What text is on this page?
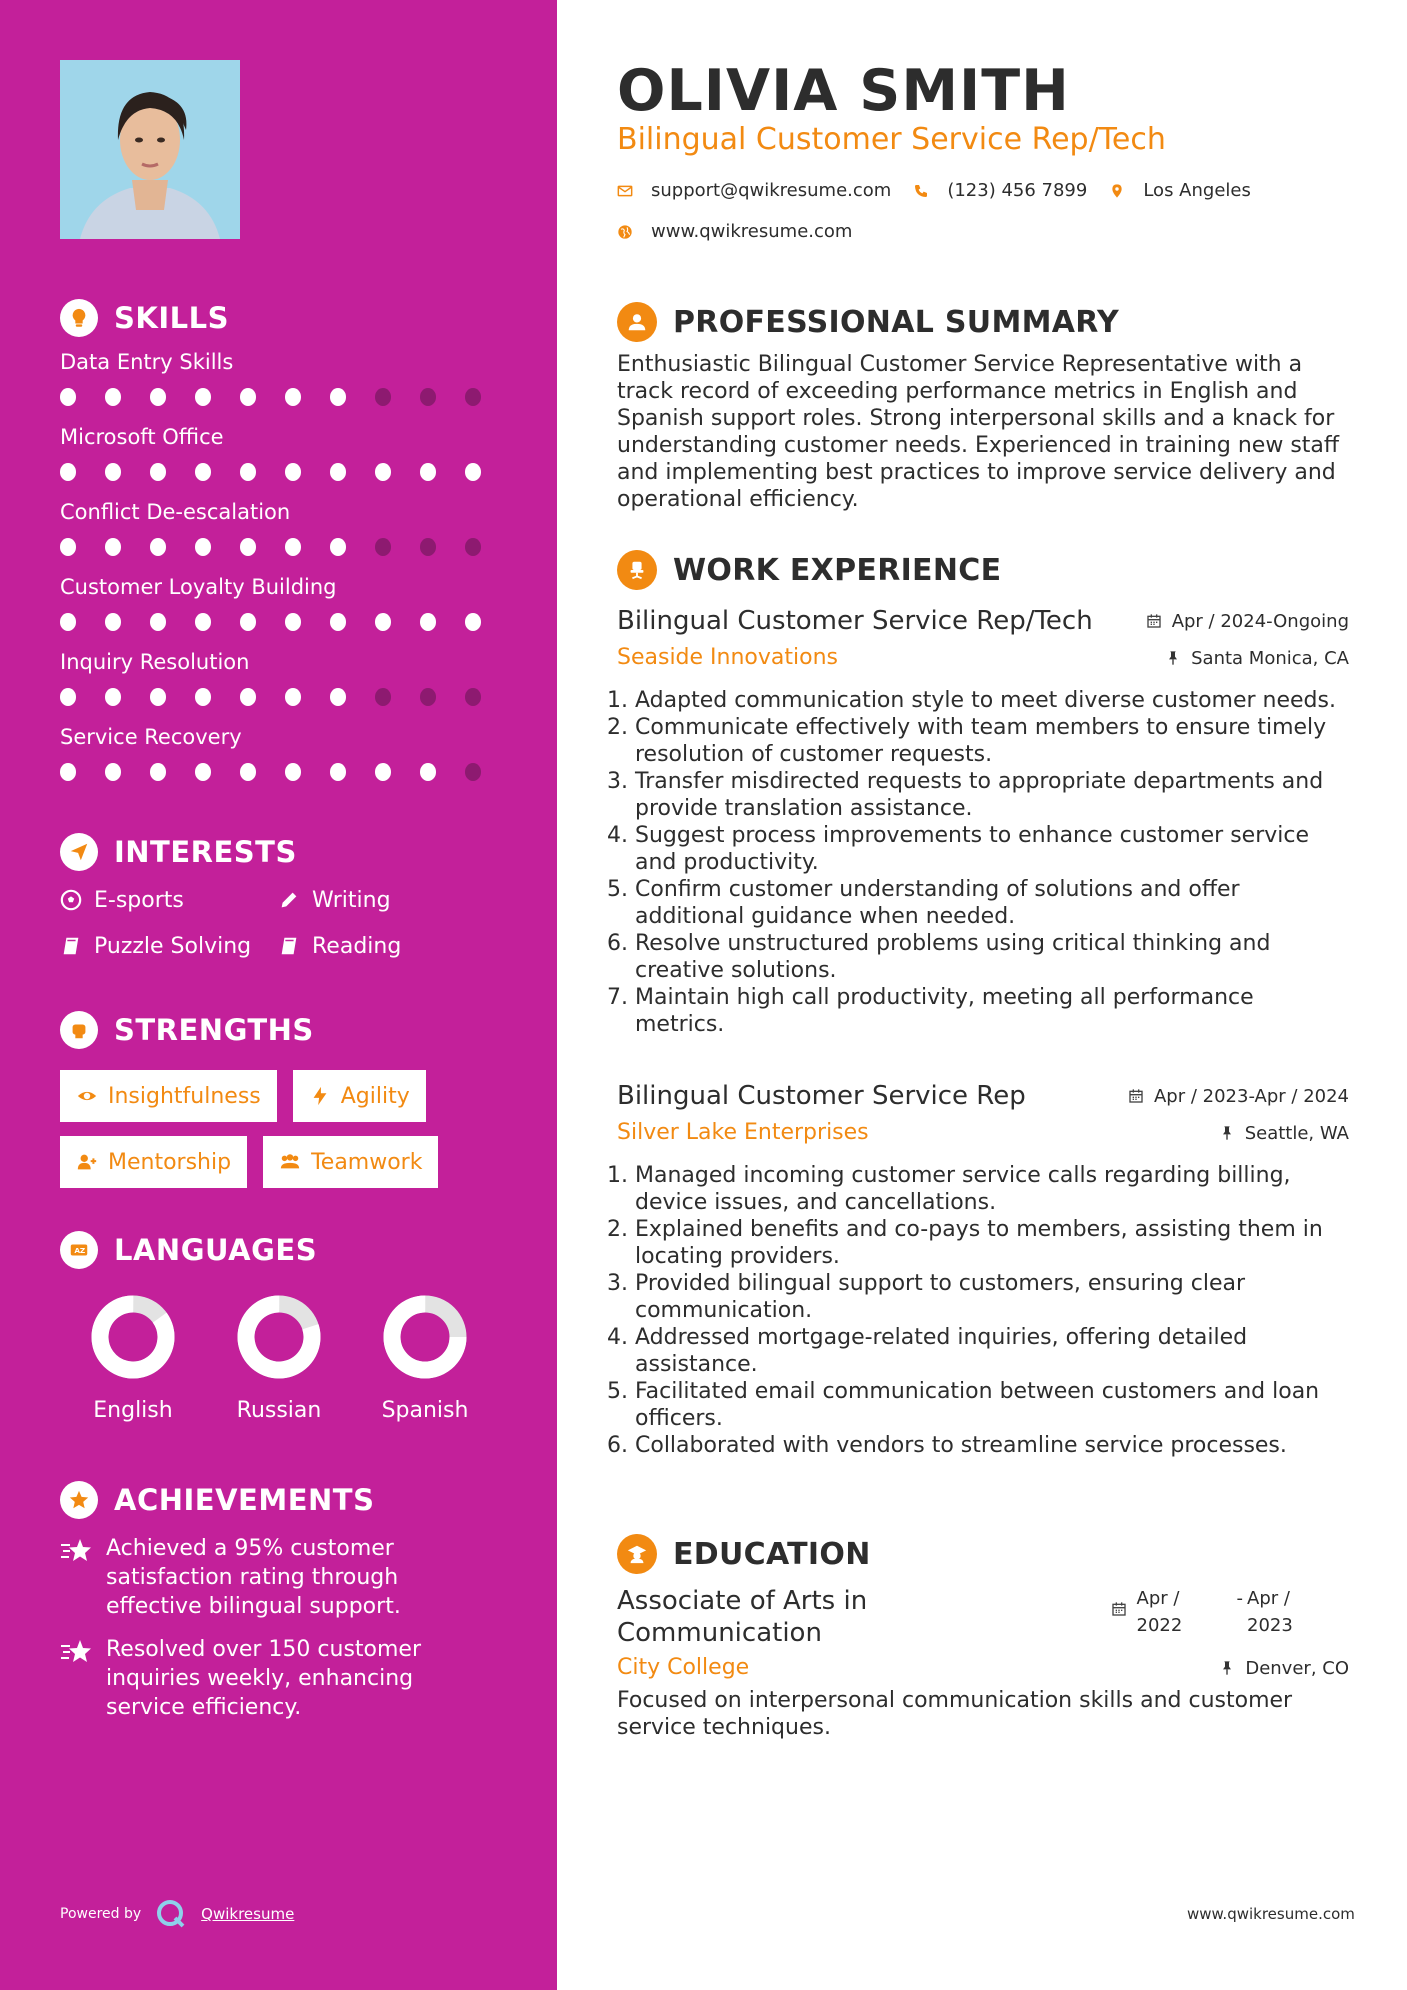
SKILLS
Data Entry Skills
Microsoft Office
Conflict De-escalation
Customer Loyalty Building
Inquiry Resolution
Service Recovery
INTERESTS
E-sports	Writing
Puzzle Solving	Reading
STRENGTHS
Insightfulness	Agility
Mentorship	Teamwork
A Z LANGUAGES
English	Russian	Spanish
ACHIEVEMENTS
Achieved a 95% customer satisfaction rating through effective bilingual support.
Resolved over 150 customer inquiries weekly, enhancing service efficiency.
Powered by	Qwikresume
OLIVIA SMITH
Bilingual Customer Service Rep/Tech
support@qwikresume.com	(123) 456 7899	Los Angeles
www.qwikresume.com
PROFESSIONAL SUMMARY
Enthusiastic Bilingual Customer Service Representative with a track record of exceeding performance metrics in English and Spanish support roles. Strong interpersonal skills and a knack for understanding customer needs. Experienced in training new staff and implementing best practices to improve service delivery and operational efficiency.
WORK EXPERIENCE
Bilingual Customer Service Rep/Tech	Apr / 2024-Ongoing
Seaside Innovations	Santa Monica, CA
1. Adapted communication style to meet diverse customer needs.
2. Communicate effectively with team members to ensure timely resolution of customer requests.
3. Transfer misdirected requests to appropriate departments and provide translation assistance.
4. Suggest process improvements to enhance customer service and productivity.
5. Confirm customer understanding of solutions and offer additional guidance when needed.
6. Resolve unstructured problems using critical thinking and creative solutions.
7. Maintain high call productivity, meeting all performance metrics.
Bilingual Customer Service Rep	Apr / 2023-Apr / 2024
Silver Lake Enterprises	Seattle, WA
1. Managed incoming customer service calls regarding billing, device issues, and cancellations.
2. Explained benefits and co-pays to members, assisting them in locating providers.
3. Provided bilingual support to customers, ensuring clear communication.
4. Addressed mortgage-related inquiries, offering detailed assistance.
5. Facilitated email communication between customers and loan officers.
6. Collaborated with vendors to streamline service processes.
EDUCATION
Associate of Arts in Communication
Apr / 2022
- Apr / 2023
City College	Denver, CO
Focused on interpersonal communication skills and customer service techniques.
www.qwikresume.com
